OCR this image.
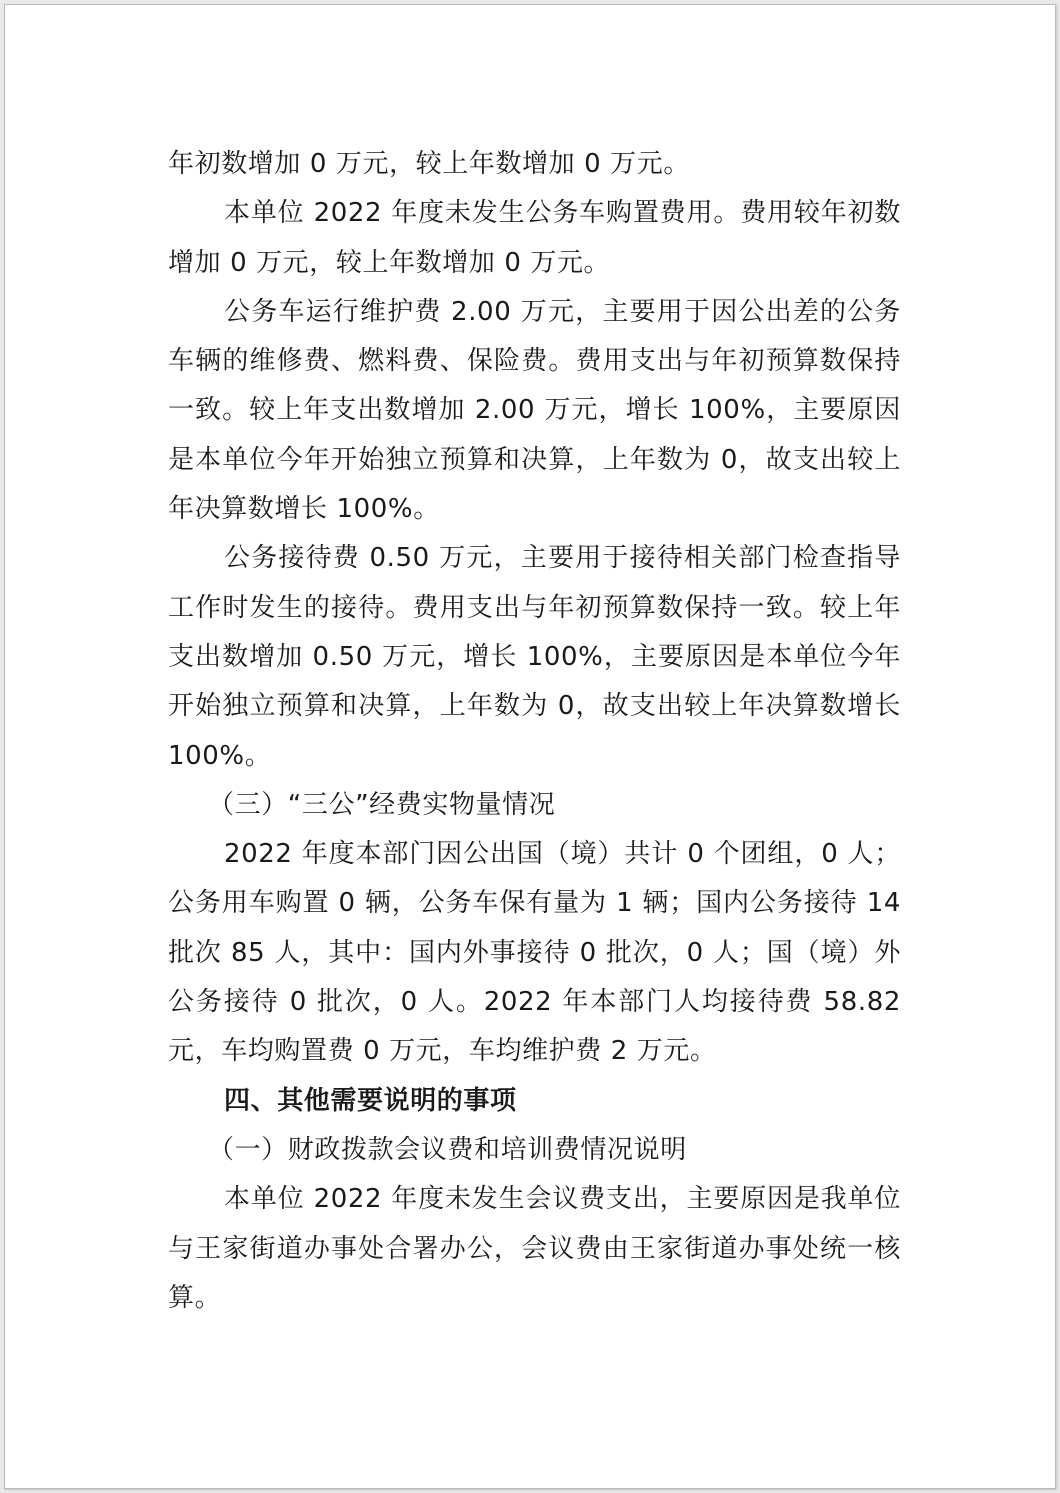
年初数增加 0 万元，较上年数增加 0 万元。

本单位 2022 年度未发生公务车购置费用。费用较年初数增加 0 万元，较上年数增加 0 万元。

公务车运行维护费 2.00 万元，主要用于因公出差的公务车辆的维修费、燃料费、保险费。费用支出与年初预算数保持一致。较上年支出数增加 2.00 万元，增长 100%，主要原因是本单位今年开始独立预算和决算，上年数为 0，故支出较上年决算数增长 100%。

公务接待费 0.50 万元，主要用于接待相关部门检查指导工作时发生的接待。费用支出与年初预算数保持一致。较上年支出数增加 0.50 万元，增长 100%，主要原因是本单位今年开始独立预算和决算，上年数为 0，故支出较上年决算数增长 100%。

（三）“三公”经费实物量情况

2022 年度本部门因公出国（境）共计 0 个团组，0 人；公务用车购置 0 辆，公务车保有量为 1 辆；国内公务接待 14 批次 85 人，其中：国内外事接待 0 批次，0 人；国（境）外公务接待 0 批次，0 人。2022 年本部门人均接待费 58.82 元，车均购置费 0 万元，车均维护费 2 万元。

四、其他需要说明的事项

（一）财政拨款会议费和培训费情况说明

本单位 2022 年度未发生会议费支出，主要原因是我单位与王家街道办事处合署办公，会议费由王家街道办事处统一核算。
